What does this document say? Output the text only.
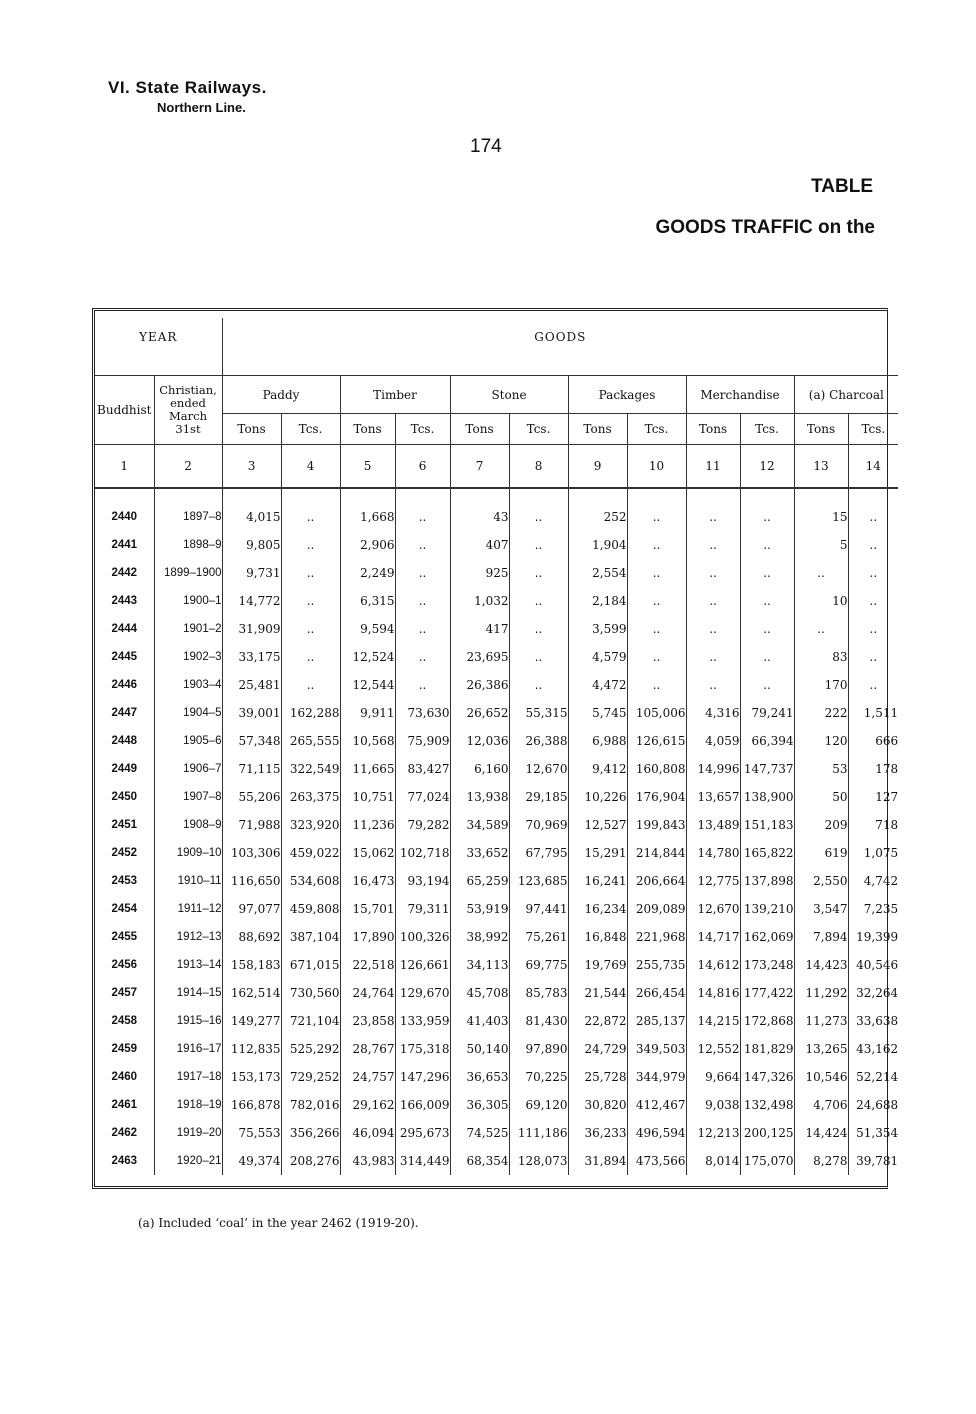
VI. State Railways.
Northern Line.
174
TABLE
GOODS TRAFFIC on the
YEAR		GOODS											
Buddhist	Christian, ended March 31st	Paddy		Timber		Stone		Packages		Merchandise		(a) Charcoal	
		Tons	Tcs.	Tons	Tcs.	Tons	Tcs.	Tons	Tcs.	Tons	Tcs.	Tons	Tcs.
1	2	3	4	5	6	7	8	9	10	11	12	13	14

2440	1897–8	4,015	..	1,668	..	43	..	252	..	..	..	15	..
2441	1898–9	9,805	..	2,906	..	407	..	1,904	..	..	..	5	..
2442	1899–1900	9,731	..	2,249	..	925	..	2,554	..	..	..	..	..
2443	1900–1	14,772	..	6,315	..	1,032	..	2,184	..	..	..	10	..
2444	1901–2	31,909	..	9,594	..	417	..	3,599	..	..	..	..	..
2445	1902–3	33,175	..	12,524	..	23,695	..	4,579	..	..	..	83	..
2446	1903–4	25,481	..	12,544	..	26,386	..	4,472	..	..	..	170	..
2447	1904–5	39,001	162,288	9,911	73,630	26,652	55,315	5,745	105,006	4,316	79,241	222	1,511
2448	1905–6	57,348	265,555	10,568	75,909	12,036	26,388	6,988	126,615	4,059	66,394	120	666
2449	1906–7	71,115	322,549	11,665	83,427	6,160	12,670	9,412	160,808	14,996	147,737	53	178
2450	1907–8	55,206	263,375	10,751	77,024	13,938	29,185	10,226	176,904	13,657	138,900	50	127
2451	1908–9	71,988	323,920	11,236	79,282	34,589	70,969	12,527	199,843	13,489	151,183	209	718
2452	1909–10	103,306	459,022	15,062	102,718	33,652	67,795	15,291	214,844	14,780	165,822	619	1,075
2453	1910–11	116,650	534,608	16,473	93,194	65,259	123,685	16,241	206,664	12,775	137,898	2,550	4,742
2454	1911–12	97,077	459,808	15,701	79,311	53,919	97,441	16,234	209,089	12,670	139,210	3,547	7,235
2455	1912–13	88,692	387,104	17,890	100,326	38,992	75,261	16,848	221,968	14,717	162,069	7,894	19,399
2456	1913–14	158,183	671,015	22,518	126,661	34,113	69,775	19,769	255,735	14,612	173,248	14,423	40,546
2457	1914–15	162,514	730,560	24,764	129,670	45,708	85,783	21,544	266,454	14,816	177,422	11,292	32,264
2458	1915–16	149,277	721,104	23,858	133,959	41,403	81,430	22,872	285,137	14,215	172,868	11,273	33,638
2459	1916–17	112,835	525,292	28,767	175,318	50,140	97,890	24,729	349,503	12,552	181,829	13,265	43,162
2460	1917–18	153,173	729,252	24,757	147,296	36,653	70,225	25,728	344,979	9,664	147,326	10,546	52,214
2461	1918–19	166,878	782,016	29,162	166,009	36,305	69,120	30,820	412,467	9,038	132,498	4,706	24,688
2462	1919–20	75,553	356,266	46,094	295,673	74,525	111,186	36,233	496,594	12,213	200,125	14,424	51,354
2463	1920–21	49,374	208,276	43,983	314,449	68,354	128,073	31,894	473,566	8,014	175,070	8,278	39,781
(a) Included ‘coal’ in the year 2462 (1919-20).
